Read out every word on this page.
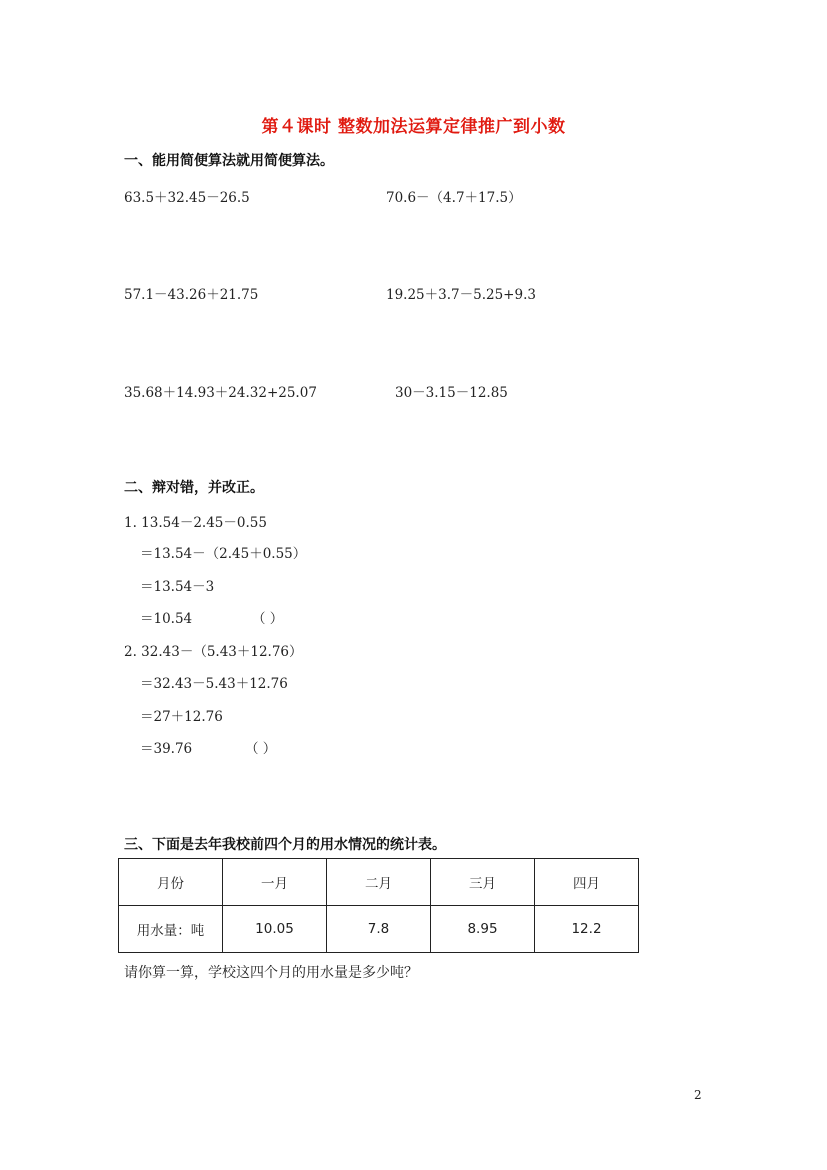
第４课时 整数加法运算定律推广到小数
一、能用简便算法就用简便算法。
63.5＋32.45－26.5	70.6－（4.7＋17.5）
57.1－43.26＋21.75	19.25＋3.7－5.25+9.3
35.68＋14.93＋24.32+25.07	30－3.15－12.85
二、辩对错，并改正。
1. 13.54－2.45－0.55
＝13.54－（2.45＋0.55）
＝13.54－3
＝10.54	（ ）
2. 32.43－（5.43＋12.76）
＝32.43－5.43＋12.76
＝27＋12.76
＝39.76	（ ）
三、下面是去年我校前四个月的用水情况的统计表。
月份	一月	二月	三月	四月
用水量：吨	10.05	7.8	8.95	12.2
请你算一算，学校这四个月的用水量是多少吨？
2
